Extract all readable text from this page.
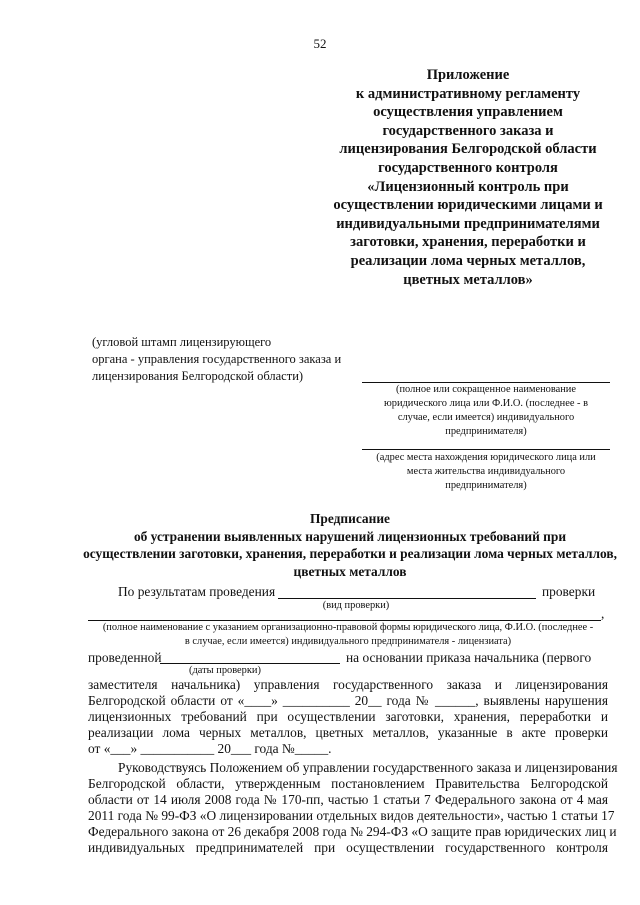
52
Приложение
к административному регламенту
осуществления управлением
государственного заказа и
лицензирования Белгородской области
государственного контроля
«Лицензионный контроль при
осуществлении юридическими лицами и
индивидуальными предпринимателями
заготовки, хранения, переработки и
реализации лома черных металлов,
цветных металлов»
(угловой штамп лицензирующего
органа - управления государственного заказа и
лицензирования Белгородской области)
(полное или сокращенное наименование
юридического лица или Ф.И.О. (последнее - в
случае, если имеется) индивидуального
предпринимателя)
(адрес места нахождения юридического лица или
места жительства индивидуального
предпринимателя)
Предписание
об устранении выявленных нарушений лицензионных требований при
осуществлении заготовки, хранения, переработки и реализации лома черных металлов,
цветных металлов
По результатам проведения	проверки
(вид проверки)
,
(полное наименование с указанием организационно-правовой формы юридического лица, Ф.И.О. (последнее -
в случае, если имеется) индивидуального предпринимателя - лицензиата)
проведенной	на основании приказа начальника (первого
(даты проверки)
заместителя начальника) управления государственного заказа и лицензирования
Белгородской области от «____» __________ 20__ года № ______, выявлены нарушения
лицензионных требований при осуществлении заготовки, хранения, переработки и
реализации лома черных металлов, цветных металлов, указанные в акте проверки
от «___» ___________ 20___ года №_____.
Руководствуясь Положением об управлении государственного заказа и лицензирования
Белгородской области, утвержденным постановлением Правительства Белгородской
области от 14 июля 2008 года № 170-пп, частью 1 статьи 7 Федерального закона от 4 мая
2011 года № 99-ФЗ «О лицензировании отдельных видов деятельности», частью 1 статьи 17
Федерального закона от 26 декабря 2008 года № 294-ФЗ «О защите прав юридических лиц и
индивидуальных предпринимателей при осуществлении государственного контроля
